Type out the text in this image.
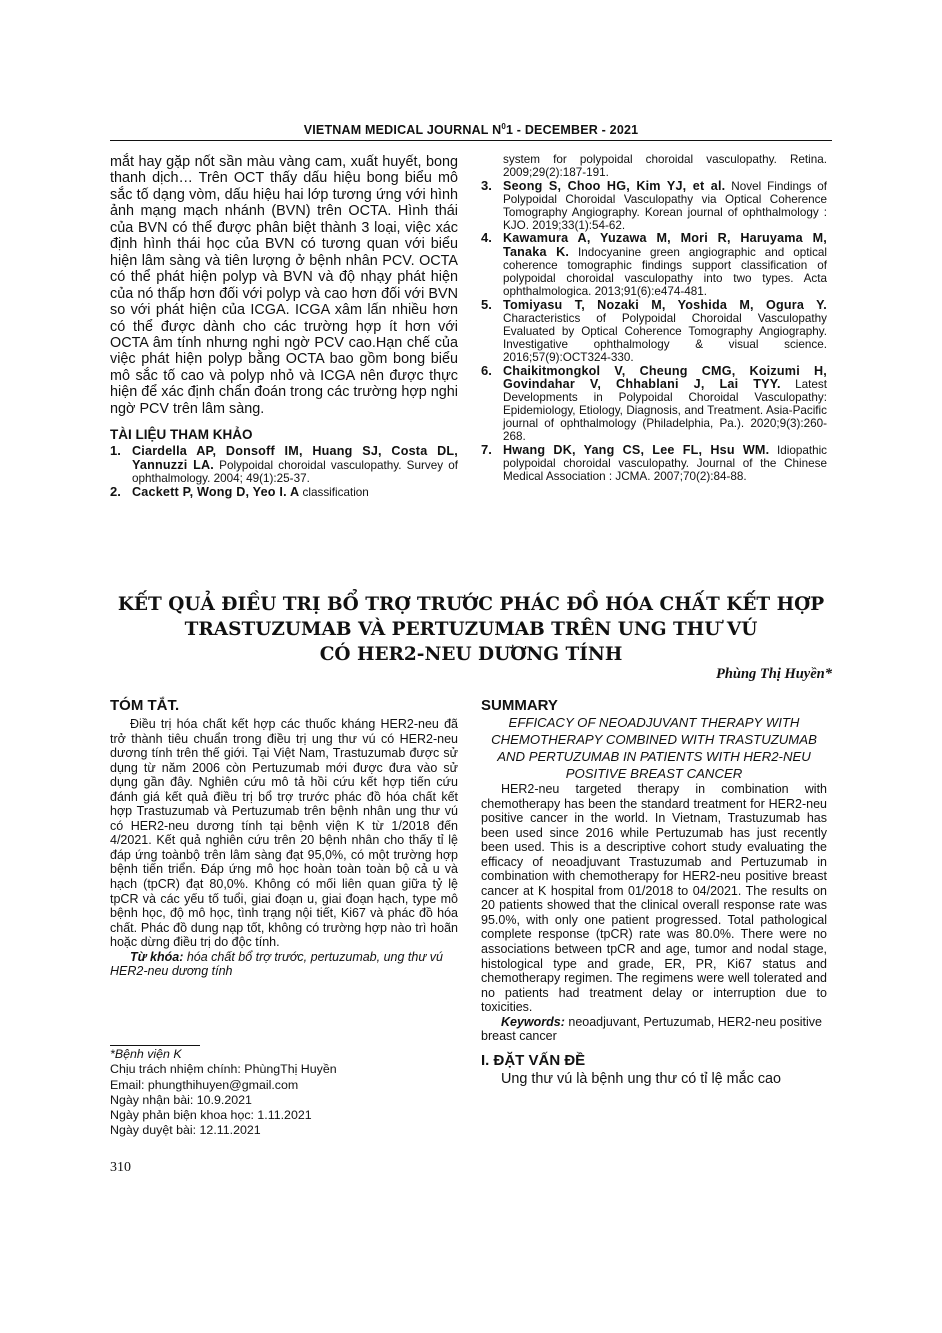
VIETNAM MEDICAL JOURNAL $N^01$ - DECEMBER - 2021
mắt hay gặp nốt sần màu vàng cam, xuất huyết, bong thanh dịch… Trên OCT thấy dấu hiệu bong biểu mô sắc tố dạng vòm, dấu hiệu hai lớp tương ứng với hình ảnh mạng mạch nhánh (BVN) trên OCTA. Hình thái của BVN có thể được phân biệt thành 3 loại, việc xác định hình thái học của BVN có tương quan với biểu hiện lâm sàng và tiên lượng ở bệnh nhân PCV. OCTA có thể phát hiện polyp và BVN và độ nhạy phát hiện của nó thấp hơn đối với polyp và cao hơn đối với BVN so với phát hiện của ICGA. ICGA xâm lấn nhiều hơn có thể được dành cho các trường hợp ít hơn với OCTA âm tính nhưng nghi ngờ PCV cao.Hạn chế của việc phát hiện polyp bằng OCTA bao gồm bong biểu mô sắc tố cao và polyp nhỏ và ICGA nên được thực hiện để xác định chẩn đoán trong các trường hợp nghi ngờ PCV trên lâm sàng.
TÀI LIỆU THAM KHẢO
1. Ciardella AP, Donsoff IM, Huang SJ, Costa DL, Yannuzzi LA. Polypoidal choroidal vasculopathy. Survey of ophthalmology. 2004; 49(1):25-37.
2. Cackett P, Wong D, Yeo I. A classification
system for polypoidal choroidal vasculopathy. Retina. 2009;29(2):187-191.
3. Seong S, Choo HG, Kim YJ, et al. Novel Findings of Polypoidal Choroidal Vasculopathy via Optical Coherence Tomography Angiography. Korean journal of ophthalmology : KJO. 2019;33(1):54-62.
4. Kawamura A, Yuzawa M, Mori R, Haruyama M, Tanaka K. Indocyanine green angiographic and optical coherence tomographic findings support classification of polypoidal choroidal vasculopathy into two types. Acta ophthalmologica. 2013;91(6):e474-481.
5. Tomiyasu T, Nozaki M, Yoshida M, Ogura Y. Characteristics of Polypoidal Choroidal Vasculopathy Evaluated by Optical Coherence Tomography Angiography. Investigative ophthalmology & visual science. 2016;57(9):OCT324-330.
6. Chaikitmongkol V, Cheung CMG, Koizumi H, Govindahar V, Chhablani J, Lai TYY. Latest Developments in Polypoidal Choroidal Vasculopathy: Epidemiology, Etiology, Diagnosis, and Treatment. Asia-Pacific journal of ophthalmology (Philadelphia, Pa.). 2020;9(3):260-268.
7. Hwang DK, Yang CS, Lee FL, Hsu WM. Idiopathic polypoidal choroidal vasculopathy. Journal of the Chinese Medical Association : JCMA. 2007;70(2):84-88.
KẾT QUẢ ĐIỀU TRỊ BỔ TRỢ TRƯỚC PHÁC ĐỒ HÓA CHẤT KẾT HỢP
TRASTUZUMAB VÀ PERTUZUMAB TRÊN UNG THƯ VÚ
CÓ HER2-NEU DƯƠNG TÍNH
Phùng Thị Huyền*
TÓM TẮT.

Điều trị hóa chất kết hợp các thuốc kháng HER2-neu đã trở thành tiêu chuẩn trong điều trị ung thư vú có HER2-neu dương tính trên thế giới. Tại Việt Nam, Trastuzumab được sử dụng từ năm 2006 còn Pertuzumab mới được đưa vào sử dụng gần đây. Nghiên cứu mô tả hồi cứu kết hợp tiến cứu đánh giá kết quả điều trị bổ trợ trước phác đồ hóa chất kết hợp Trastuzumab và Pertuzumab trên bệnh nhân ung thư vú có HER2-neu dương tính tại bệnh viện K từ 1/2018 đến 4/2021. Kết quả nghiên cứu trên 20 bệnh nhân cho thấy tỉ lệ đáp ứng toànbộ trên lâm sàng đạt 95,0%, có một trường hợp bệnh tiến triển. Đáp ứng mô học hoàn toàn toàn bộ cả u và hạch (tpCR) đạt 80,0%. Không có mối liên quan giữa tỷ lệ tpCR và các yếu tố tuổi, giai đoạn u, giai đoạn hạch, type mô bệnh học, độ mô học, tình trạng nội tiết, Ki67 và phác đồ hóa chất. Phác đồ dung nạp tốt, không có trường hợp nào trì hoãn hoặc dừng điều trị do độc tính.

Từ khóa: hóa chất bổ trợ trước, pertuzumab, ung thư vú HER2-neu dương tính

SUMMARY
EFFICACY OF NEOADJUVANT THERAPY WITH CHEMOTHERAPY COMBINED WITH TRASTUZUMAB AND PERTUZUMAB IN PATIENTS WITH HER2-NEU POSITIVE BREAST CANCER

HER2-neu targeted therapy in combination with chemotherapy has been the standard treatment for HER2-neu positive cancer in the world. In Vietnam, Trastuzumab has been used since 2016 while Pertuzumab has just recently been used. This is a descriptive cohort study evaluating the efficacy of neoadjuvant Trastuzumab and Pertuzumab in combination with chemotherapy for HER2-neu positive breast cancer at K hospital from 01/2018 to 04/2021. The results on 20 patients showed that the clinical overall response rate was 95.0%, with only one patient progressed. Total pathological complete response (tpCR) rate was 80.0%. There were no associations between tpCR and age, tumor and nodal stage, histological type and grade, ER, PR, Ki67 status and chemotherapy regimen. The regimens were well tolerated and no patients had treatment delay or interruption due to toxicities.

Keywords: neoadjuvant, Pertuzumab, HER2-neu positive breast cancer

I. ĐẶT VẤN ĐỀ
Ung thư vú là bệnh ung thư có tỉ lệ mắc cao
*Bệnh viện K
Chịu trách nhiệm chính: PhùngThị Huyền
Email: phungthihuyen@gmail.com
Ngày nhận bài: 10.9.2021
Ngày phản biện khoa học: 1.11.2021
Ngày duyệt bài: 12.11.2021
310
